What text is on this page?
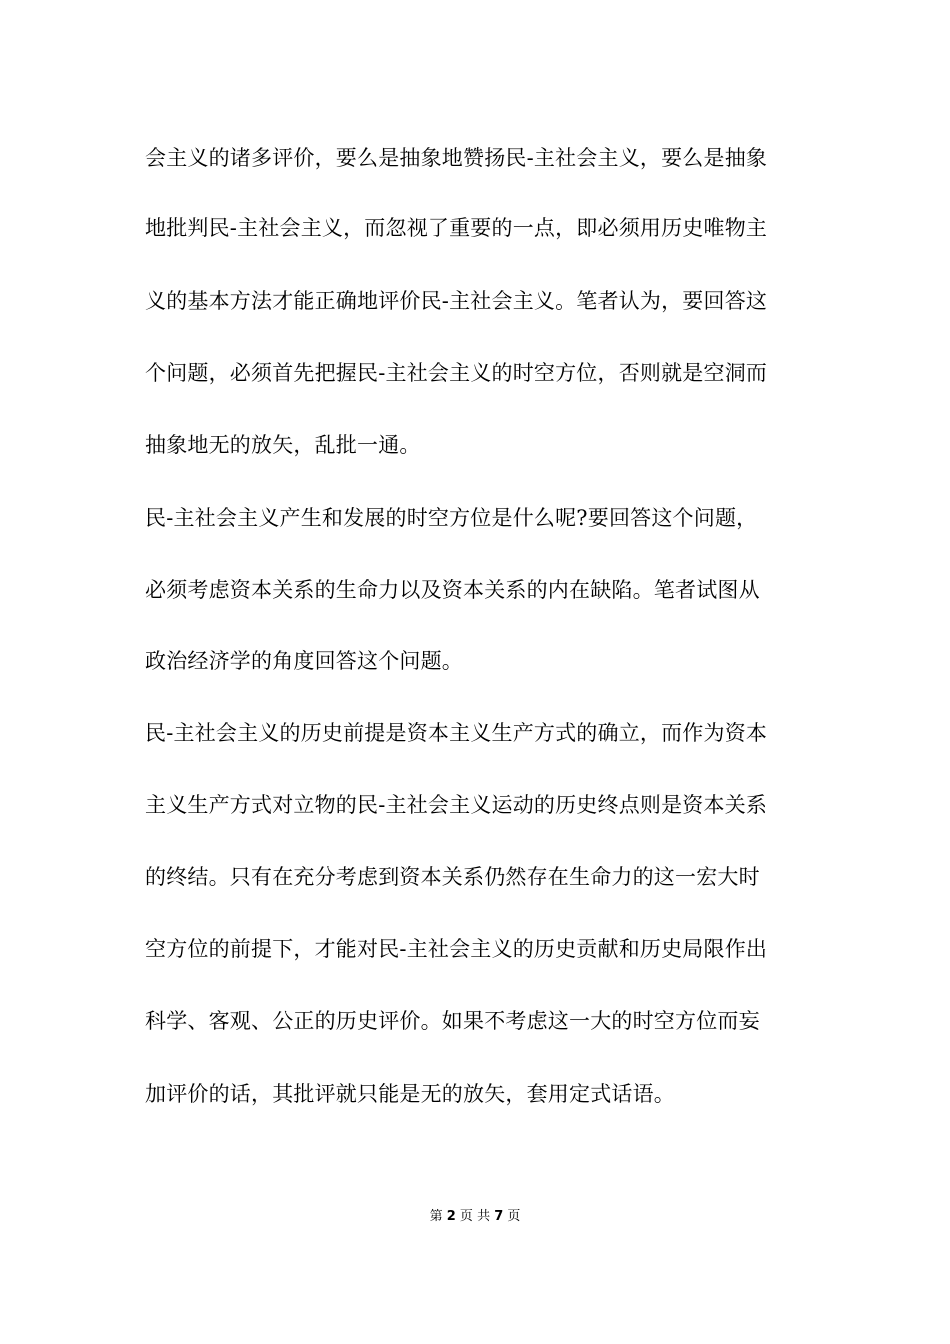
会主义的诸多评价，要么是抽象地赞扬民-主社会主义，要么是抽象
地批判民-主社会主义，而忽视了重要的一点，即必须用历史唯物主
义的基本方法才能正确地评价民-主社会主义。笔者认为，要回答这
个问题，必须首先把握民-主社会主义的时空方位，否则就是空洞而
抽象地无的放矢，乱批一通。
民-主社会主义产生和发展的时空方位是什么呢?要回答这个问题，
必须考虑资本关系的生命力以及资本关系的内在缺陷。笔者试图从
政治经济学的角度回答这个问题。
民-主社会主义的历史前提是资本主义生产方式的确立，而作为资本
主义生产方式对立物的民-主社会主义运动的历史终点则是资本关系
的终结。只有在充分考虑到资本关系仍然存在生命力的这一宏大时
空方位的前提下，才能对民-主社会主义的历史贡献和历史局限作出
科学、客观、公正的历史评价。如果不考虑这一大的时空方位而妄
加评价的话，其批评就只能是无的放矢，套用定式话语。
第 2 页 共 7 页
